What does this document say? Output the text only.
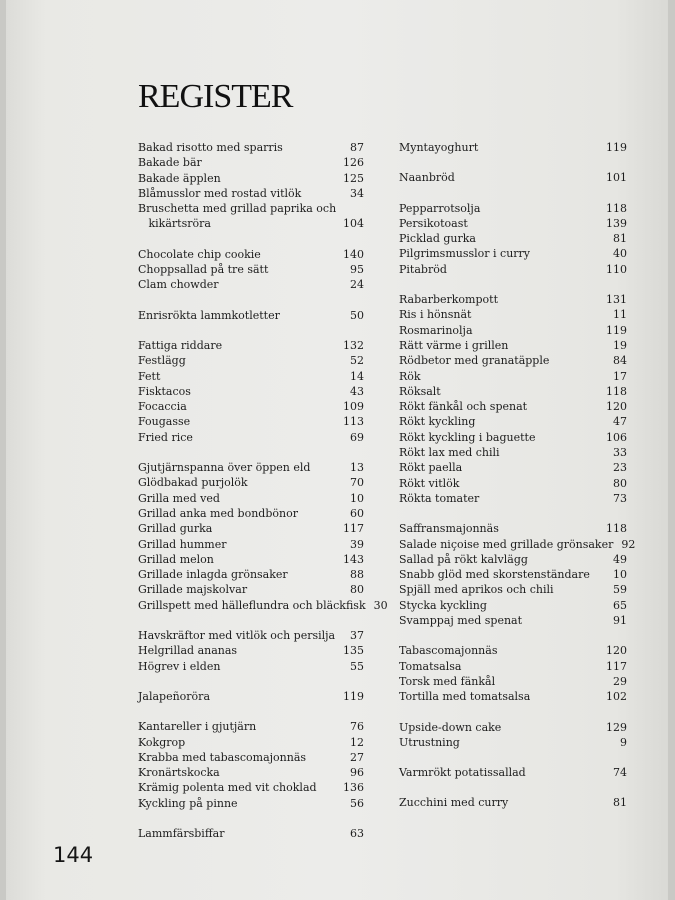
REGISTER
Bakad risotto med sparris	87
Bakade bär	126
Bakade äpplen	125
Blåmusslor med rostad vitlök	34
Bruschetta med grillad paprika och
kikärtsröra	104
Chocolate chip cookie	140
Choppsallad på tre sätt	95
Clam chowder	24
Enrisrökta lammkotletter	50
Fattiga riddare	132
Festlägg	52
Fett	14
Fisktacos	43
Focaccia	109
Fougasse	113
Fried rice	69
Gjutjärnspanna över öppen eld	13
Glödbakad purjolök	70
Grilla med ved	10
Grillad anka med bondbönor	60
Grillad gurka	117
Grillad hummer	39
Grillad melon	143
Grillade inlagda grönsaker	88
Grillade majskolvar	80
Grillspett med hälleflundra och bläckfisk 30
Havskräftor med vitlök och persilja	37
Helgrillad ananas	135
Högrev i elden	55
Jalapeñoröra	119
Kantareller i gjutjärn	76
Kokgrop	12
Krabba med tabascomajonnäs	27
Kronärtskocka	96
Krämig polenta med vit choklad 136
Kyckling på pinne	56
Lammfärsbiffar	63
Myntayoghurt	119
Naanbröd	101
Pepparrotsolja	118
Persikotoast	139
Picklad gurka	81
Pilgrimsmusslor i curry	40
Pitabröd	110
Rabarberkompott	131
Ris i hönsnät	11
Rosmarinolja	119
Rätt värme i grillen	19
Rödbetor med granatäpple	84
Rök	17
Röksalt	118
Rökt fänkål och spenat	120
Rökt kyckling	47
Rökt kyckling i baguette	106
Rökt lax med chili	33
Rökt paella	23
Rökt vitlök	80
Rökta tomater	73
Saffransmajonnäs	118
Salade niçoise med grillade grönsaker 92
Sallad på rökt kalvlägg	49
Snabb glöd med skorstenständare	10
Spjäll med aprikos och chili	59
Stycka kyckling	65
Svamppaj med spenat	91
Tabascomajonnäs	120
Tomatsalsa	117
Torsk med fänkål	29
Tortilla med tomatsalsa	102
Upside-down cake	129
Utrustning	9
Varmrökt potatissallad	74
Zucchini med curry	81
144
